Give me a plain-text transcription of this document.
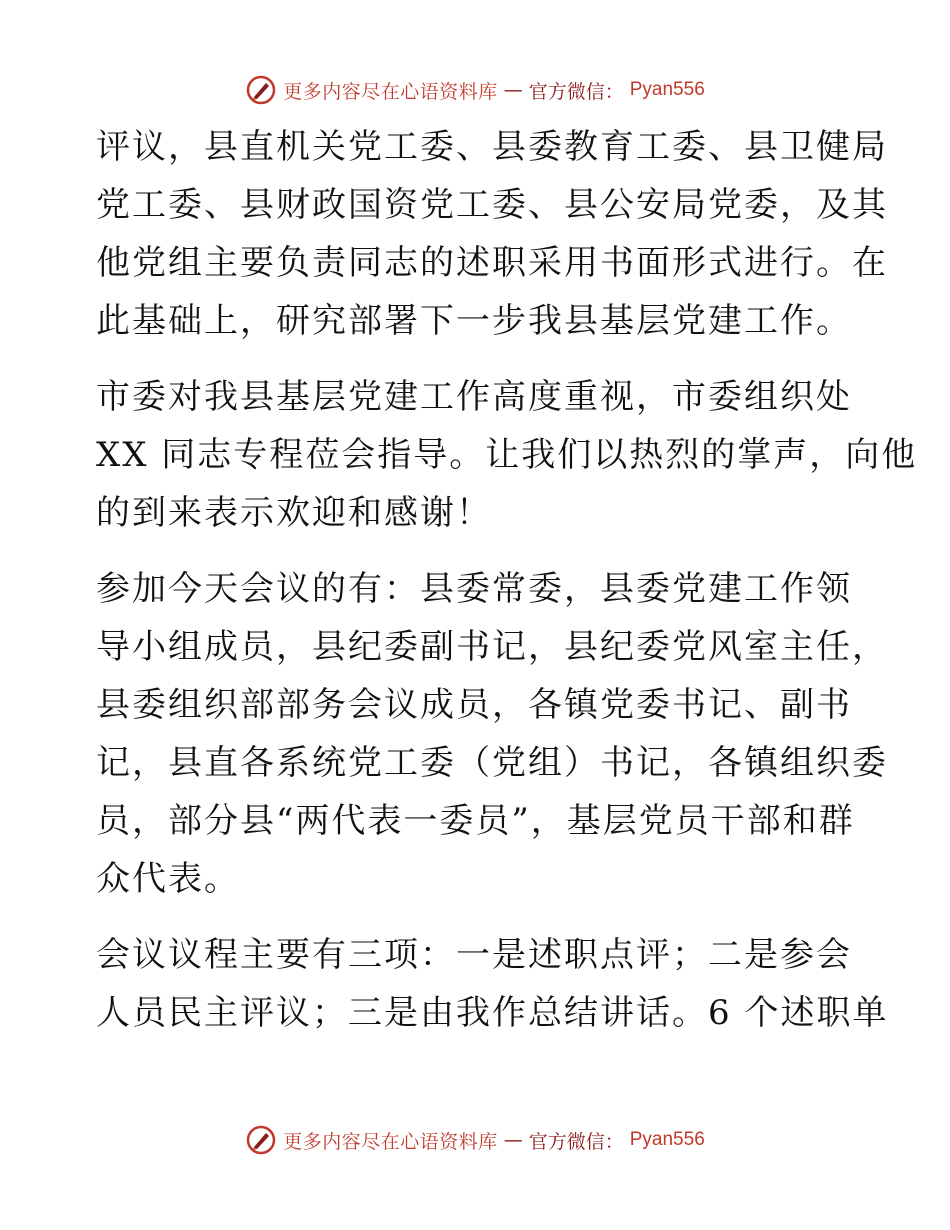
更多内容尽在心语资料库 — 官方微信： Pyan556

评议，县直机关党工委、县委教育工委、县卫健局
党工委、县财政国资党工委、县公安局党委，及其
他党组主要负责同志的述职采用书面形式进行。在
此基础上，研究部署下一步我县基层党建工作。

市委对我县基层党建工作高度重视，市委组织处
XX 同志专程莅会指导。让我们以热烈的掌声，向他
的到来表示欢迎和感谢！

参加今天会议的有：县委常委，县委党建工作领
导小组成员，县纪委副书记，县纪委党风室主任，
县委组织部部务会议成员，各镇党委书记、副书
记，县直各系统党工委（党组）书记，各镇组织委
员，部分县“两代表一委员”，基层党员干部和群
众代表。

会议议程主要有三项：一是述职点评；二是参会
人员民主评议；三是由我作总结讲话。6 个述职单

更多内容尽在心语资料库 — 官方微信： Pyan556
